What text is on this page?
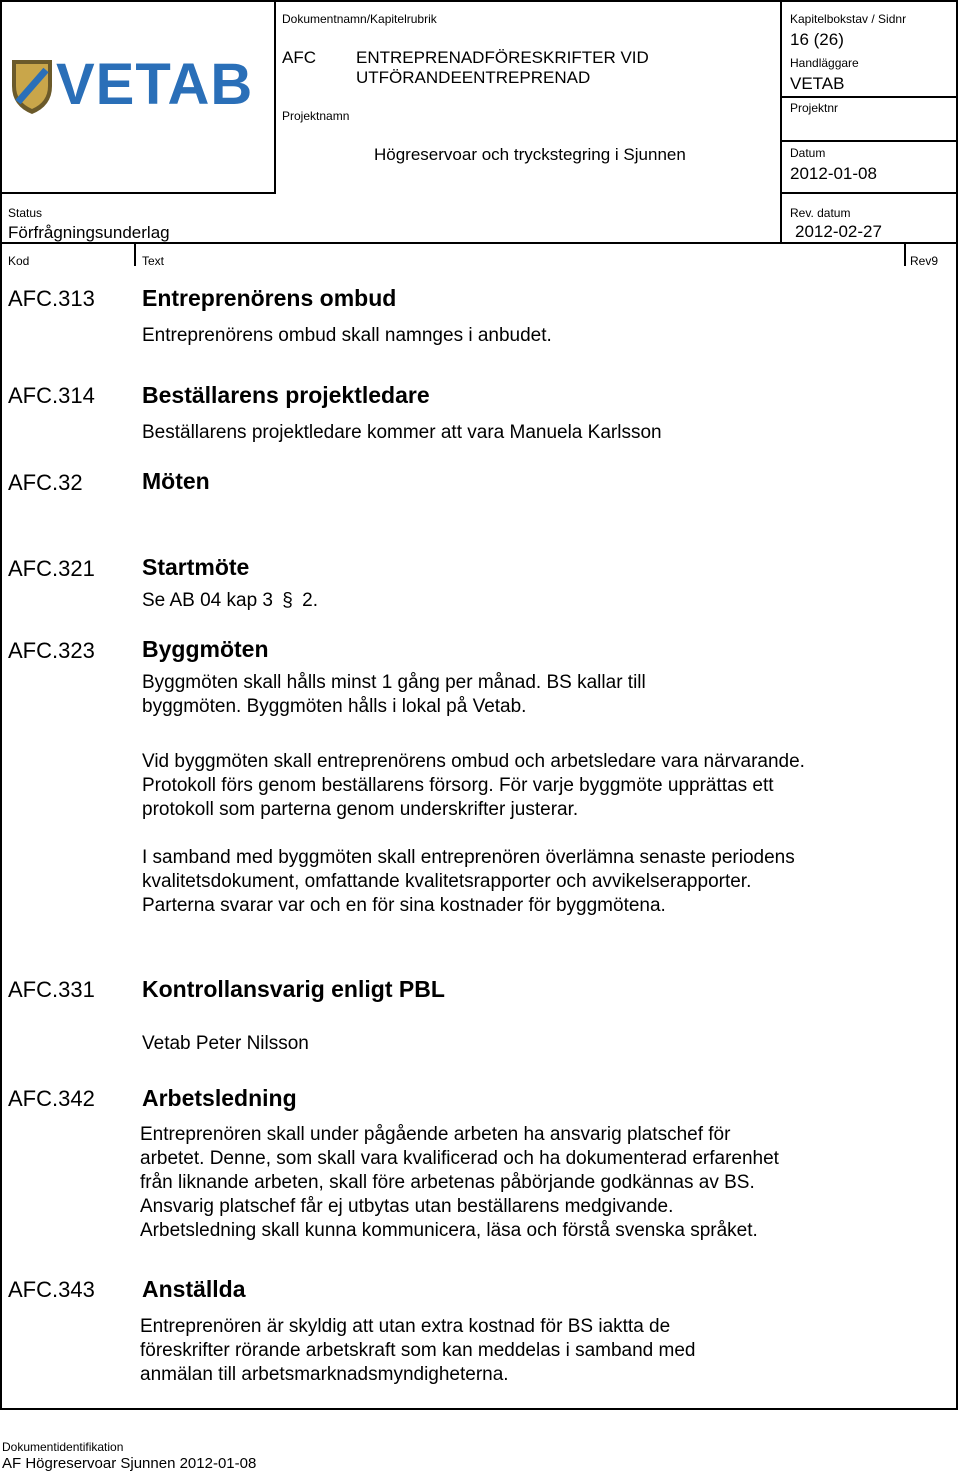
VETAB
Dokumentnamn/Kapitelrubrik
AFC ENTREPRENADFÖRESKRIFTER VID
UTFÖRANDEENTREPRENAD
Projektnamn
Högreservoar och tryckstegring i Sjunnen
Kapitelbokstav / Sidnr
16 (26)
Handläggare
VETAB
Projektnr
Datum
2012-01-08
Rev. datum
2012-02-27
Status
Förfrågningsunderlag
Kod	Text	Rev9
AFC.313 Entreprenörens ombud

Entreprenörens ombud skall namnges i anbudet.

AFC.314 Beställarens projektledare

Beställarens projektledare kommer att vara Manuela Karlsson

AFC.32	Möten
AFC.321 Startmöte
Se AB 04 kap 3 § 2.
AFC.323 Byggmöten

Byggmöten skall hålls minst 1 gång per månad. BS kallar till

byggmöten. Byggmöten hålls i lokal på Vetab.

Vid byggmöten skall entreprenörens ombud och arbetsledare vara närvarande.

Protokoll förs genom beställarens försorg. För varje byggmöte upprättas ett

protokoll som parterna genom underskrifter justerar.

I samband med byggmöten skall entreprenören överlämna senaste periodens

kvalitetsdokument, omfattande kvalitetsrapporter och avvikelserapporter.

Parterna svarar var och en för sina kostnader för byggmötena.

AFC.331 Kontrollansvarig enligt PBL

Vetab Peter Nilsson

AFC.342 Arbetsledning

Entreprenören skall under pågående arbeten ha ansvarig platschef för

arbetet. Denne, som skall vara kvalificerad och ha dokumenterad erfarenhet

från liknande arbeten, skall före arbetenas påbörjande godkännas av BS.

Ansvarig platschef får ej utbytas utan beställarens medgivande.

Arbetsledning skall kunna kommunicera, läsa och förstå svenska språket.

AFC.343 Anställda

Entreprenören är skyldig att utan extra kostnad för BS iaktta de

föreskrifter rörande arbetskraft som kan meddelas i samband med

anmälan till arbetsmarknadsmyndigheterna.

Dokumentidentifikation
AF Högreservoar Sjunnen 2012-01-08
